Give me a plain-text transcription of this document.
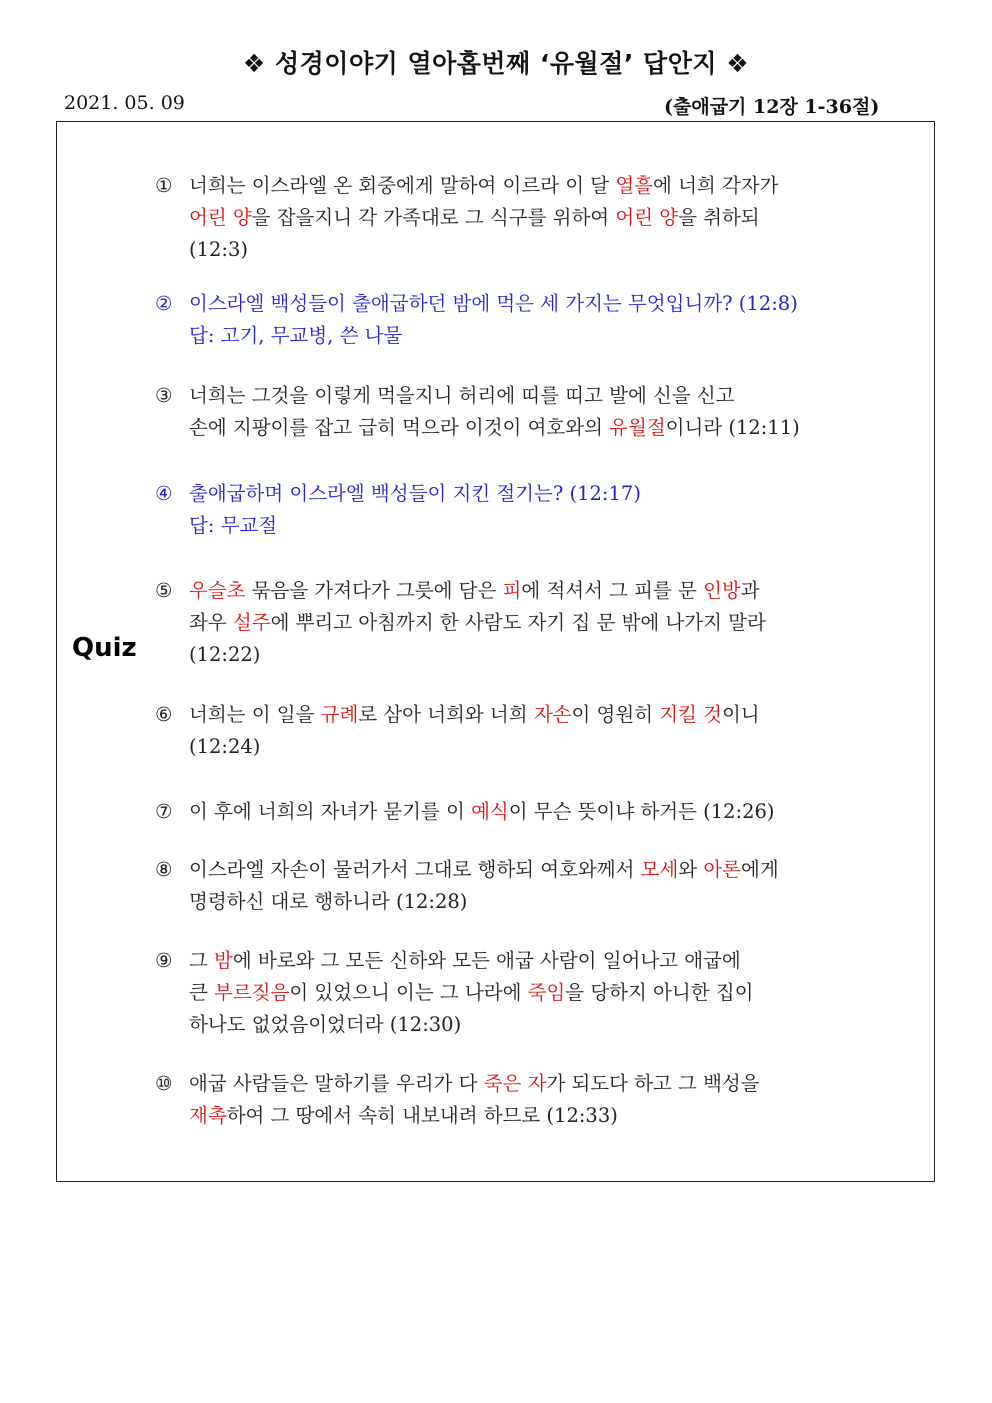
❖ 성경이야기 열아홉번째 ‘유월절’ 답안지 ❖
2021. 05. 09	(출애굽기 12장 1-36절)
Quiz
① 너희는 이스라엘 온 회중에게 말하여 이르라 이 달 열흘에 너희 각자가
어린 양을 잡을지니 각 가족대로 그 식구를 위하여 어린 양을 취하되
(12:3)
② 이스라엘 백성들이 출애굽하던 밤에 먹은 세 가지는 무엇입니까? (12:8)
답: 고기, 무교병, 쓴 나물
③ 너희는 그것을 이렇게 먹을지니 허리에 띠를 띠고 발에 신을 신고
손에 지팡이를 잡고 급히 먹으라 이것이 여호와의 유월절이니라 (12:11)
④ 출애굽하며 이스라엘 백성들이 지킨 절기는? (12:17)
답: 무교절
⑤ 우슬초 묶음을 가져다가 그릇에 담은 피에 적셔서 그 피를 문 인방과
좌우 설주에 뿌리고 아침까지 한 사람도 자기 집 문 밖에 나가지 말라
(12:22)
⑥ 너희는 이 일을 규례로 삼아 너희와 너희 자손이 영원히 지킬 것이니
(12:24)
⑦ 이 후에 너희의 자녀가 묻기를 이 예식이 무슨 뜻이냐 하거든 (12:26)
⑧ 이스라엘 자손이 물러가서 그대로 행하되 여호와께서 모세와 아론에게
명령하신 대로 행하니라 (12:28)
⑨ 그 밤에 바로와 그 모든 신하와 모든 애굽 사람이 일어나고 애굽에
큰 부르짖음이 있었으니 이는 그 나라에 죽임을 당하지 아니한 집이
하나도 없었음이었더라 (12:30)
⑩ 애굽 사람들은 말하기를 우리가 다 죽은 자가 되도다 하고 그 백성을
재촉하여 그 땅에서 속히 내보내려 하므로 (12:33)
